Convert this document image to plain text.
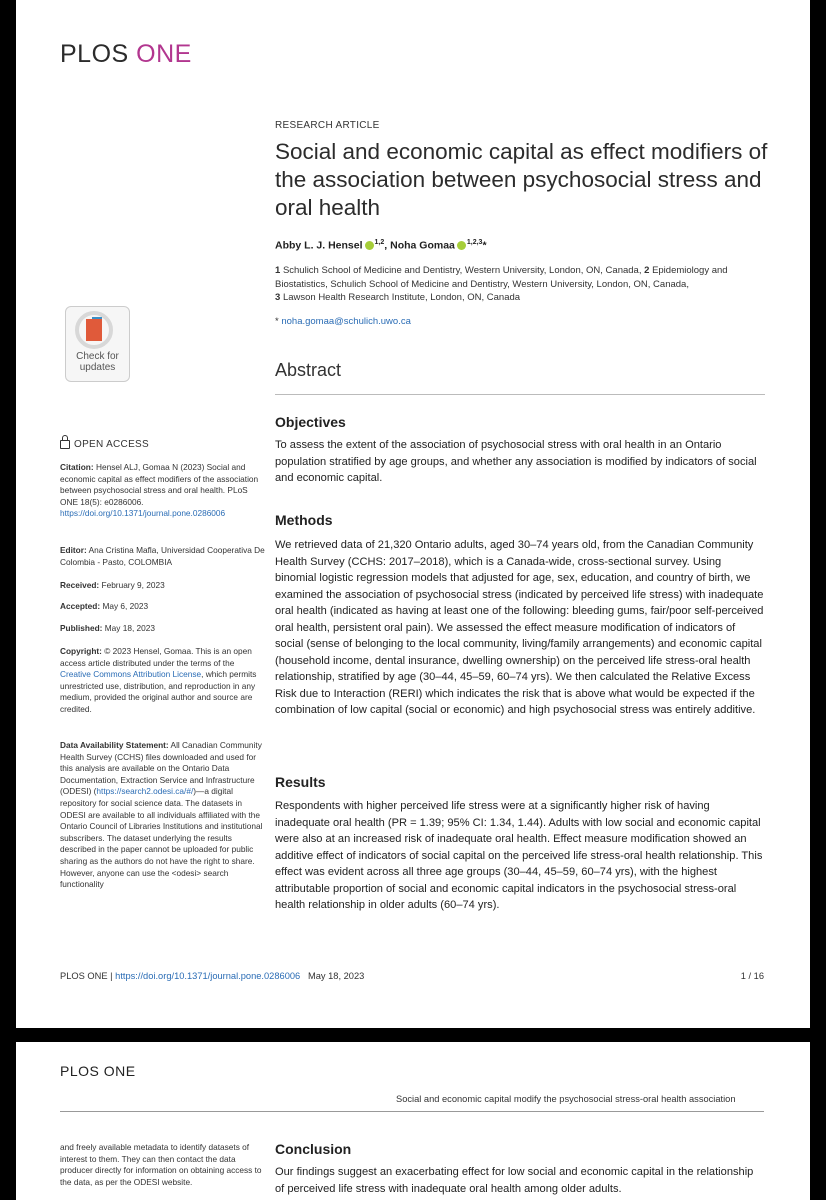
PLOS ONE
RESEARCH ARTICLE
Social and economic capital as effect modifiers of the association between psychosocial stress and oral health
Abby L. J. Hensel $^{1,2}$, Noha Gomaa $^{1,2,3}$*
1 Schulich School of Medicine and Dentistry, Western University, London, ON, Canada, 2 Epidemiology and Biostatistics, Schulich School of Medicine and Dentistry, Western University, London, ON, Canada,
3 Lawson Health Research Institute, London, ON, Canada
* noha.gomaa@schulich.uwo.ca
Check for
updates	Abstract
Objectives

To assess the extent of the association of psychosocial stress with oral health in an Ontario population stratified by age groups, and whether any association is modified by indicators of social and economic capital.

Methods

We retrieved data of 21,320 Ontario adults, aged 30–74 years old, from the Canadian Community Health Survey (CCHS: 2017–2018), which is a Canada-wide, cross-sectional survey. Using binomial logistic regression models that adjusted for age, sex, education, and country of birth, we examined the association of psychosocial stress (indicated by perceived life stress) with inadequate oral health (indicated as having at least one of the following: bleeding gums, fair/poor self-perceived oral health, persistent oral pain). We assessed the effect measure modification of indicators of social (sense of belonging to the local community, living/family arrangements) and economic capital (household income, dental insurance, dwelling ownership) on the perceived life stress-oral health relationship, stratified by age (30–44, 45–59, 60–74 yrs). We then calculated the Relative Excess Risk due to Interaction (RERI) which indicates the risk that is above what would be expected if the combination of low capital (social or economic) and high psychosocial stress was entirely additive.

Results

Respondents with higher perceived life stress were at a significantly higher risk of having inadequate oral health (PR = 1.39; 95% CI: 1.34, 1.44). Adults with low social and economic capital were also at an increased risk of inadequate oral health. Effect measure modification showed an additive effect of indicators of social capital on the perceived life stress-oral health relationship. This effect was evident across all three age groups (30–44, 45–59, 60–74 yrs), with the highest attributable proportion of social and economic capital indicators in the psychosocial stress-oral health relationship in older adults (60–74 yrs).

OPEN ACCESS
Citation: Hensel ALJ, Gomaa N (2023) Social and economic capital as effect modifiers of the association between psychosocial stress and oral health. PLoS ONE 18(5): e0286006. https://doi.org/10.1371/journal.pone.0286006
Editor: Ana Cristina Mafla, Universidad Cooperativa De Colombia - Pasto, COLOMBIA
Received: February 9, 2023
Accepted: May 6, 2023
Published: May 18, 2023
Copyright: © 2023 Hensel, Gomaa. This is an open access article distributed under the terms of the Creative Commons Attribution License, which permits unrestricted use, distribution, and reproduction in any medium, provided the original author and source are credited.
Data Availability Statement: All Canadian Community Health Survey (CCHS) files downloaded and used for this analysis are available on the Ontario Data Documentation, Extraction Service and Infrastructure (ODESI) (https://search2.odesi.ca/#/)—a digital repository for social science data. The datasets in ODESI are available to all individuals affiliated with the Ontario Council of Libraries Institutions and institutional subscribers. The dataset underlying the results described in the paper cannot be uploaded for public sharing as the authors do not have the right to share. However, anyone can use the <odesi> search functionality
PLOS ONE | https://doi.org/10.1371/journal.pone.0286006 May 18, 2023	1 / 16
PLOS ONE
Social and economic capital modify the psychosocial stress-oral health association
and freely available metadata to identify datasets of interest to them. They can then contact the data producer directly for information on obtaining access to the data, as per the ODESI website.
Conclusion

Our findings suggest an exacerbating effect for low social and economic capital in the relationship of perceived life stress with inadequate oral health among older adults.
